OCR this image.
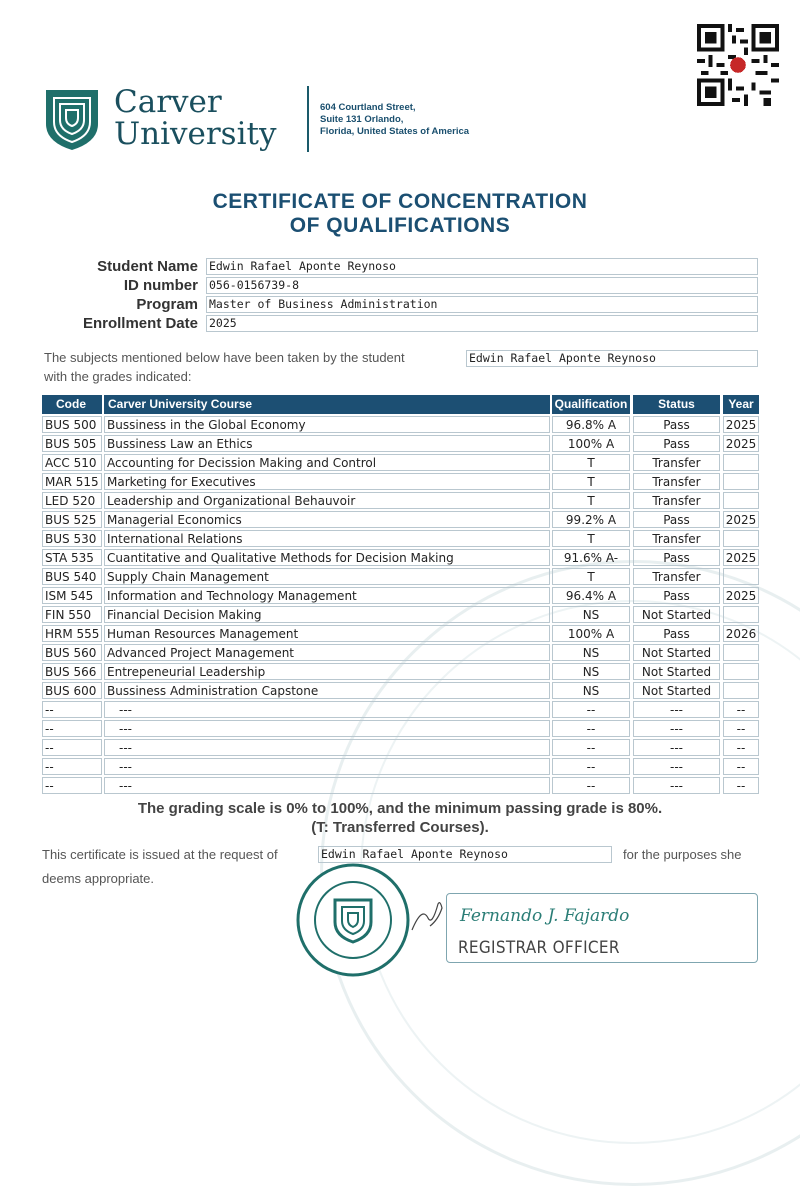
Carver
University
604 Courtland Street,
Suite 131 Orlando,
Florida, United States of America
CERTIFICATE OF CONCENTRATION
OF QUALIFICATIONS
Student Name Edwin Rafael Aponte Reynoso
ID number 056-0156739-8
Program Master of Business Administration
Enrollment Date 2025
The subjects mentioned below have been taken by the student	Edwin Rafael Aponte Reynoso
with the grades indicated:
Code	Carver University Course	Qualification	Status	Year
BUS 500 Bussiness in the Global Economy	96.8% A	Pass	2025
BUS 505 Bussiness Law an Ethics	100% A	Pass	2025
ACC 510 Accounting for Decission Making and Control	T	Transfer
MAR 515 Marketing for Executives	T	Transfer
LED 520 Leadership and Organizational Behauvoir	T	Transfer
BUS 525 Managerial Economics	99.2% A	Pass	2025
BUS 530 International Relations	T	Transfer
STA 535	Cuantitative and Qualitative Methods for Decision Making	91.6% A-	Pass	2025
BUS 540 Supply Chain Management	T	Transfer
ISM 545	Information and Technology Management	96.4% A	Pass	2025
FIN 550	Financial Decision Making	NS	Not Started
HRM 555 Human Resources Management	100% A	Pass	2026
BUS 560 Advanced Project Management	NS	Not Started
BUS 566 Entrepeneurial Leadership	NS	Not Started
BUS 600 Bussiness Administration Capstone	NS	Not Started
--	---	--	---	--
--	---	--	---	--
--	---	--	---	--
--	---	--	---	--
--	---	--	---	--
The grading scale is 0% to 100%, and the minimum passing grade is 80%.
(T: Transferred Courses).
This certificate is issued at the request of	Edwin Rafael Aponte Reynoso	for the purposes she
deems appropriate.
Fernando J. Fajardo
REGISTRAR OFFICER
